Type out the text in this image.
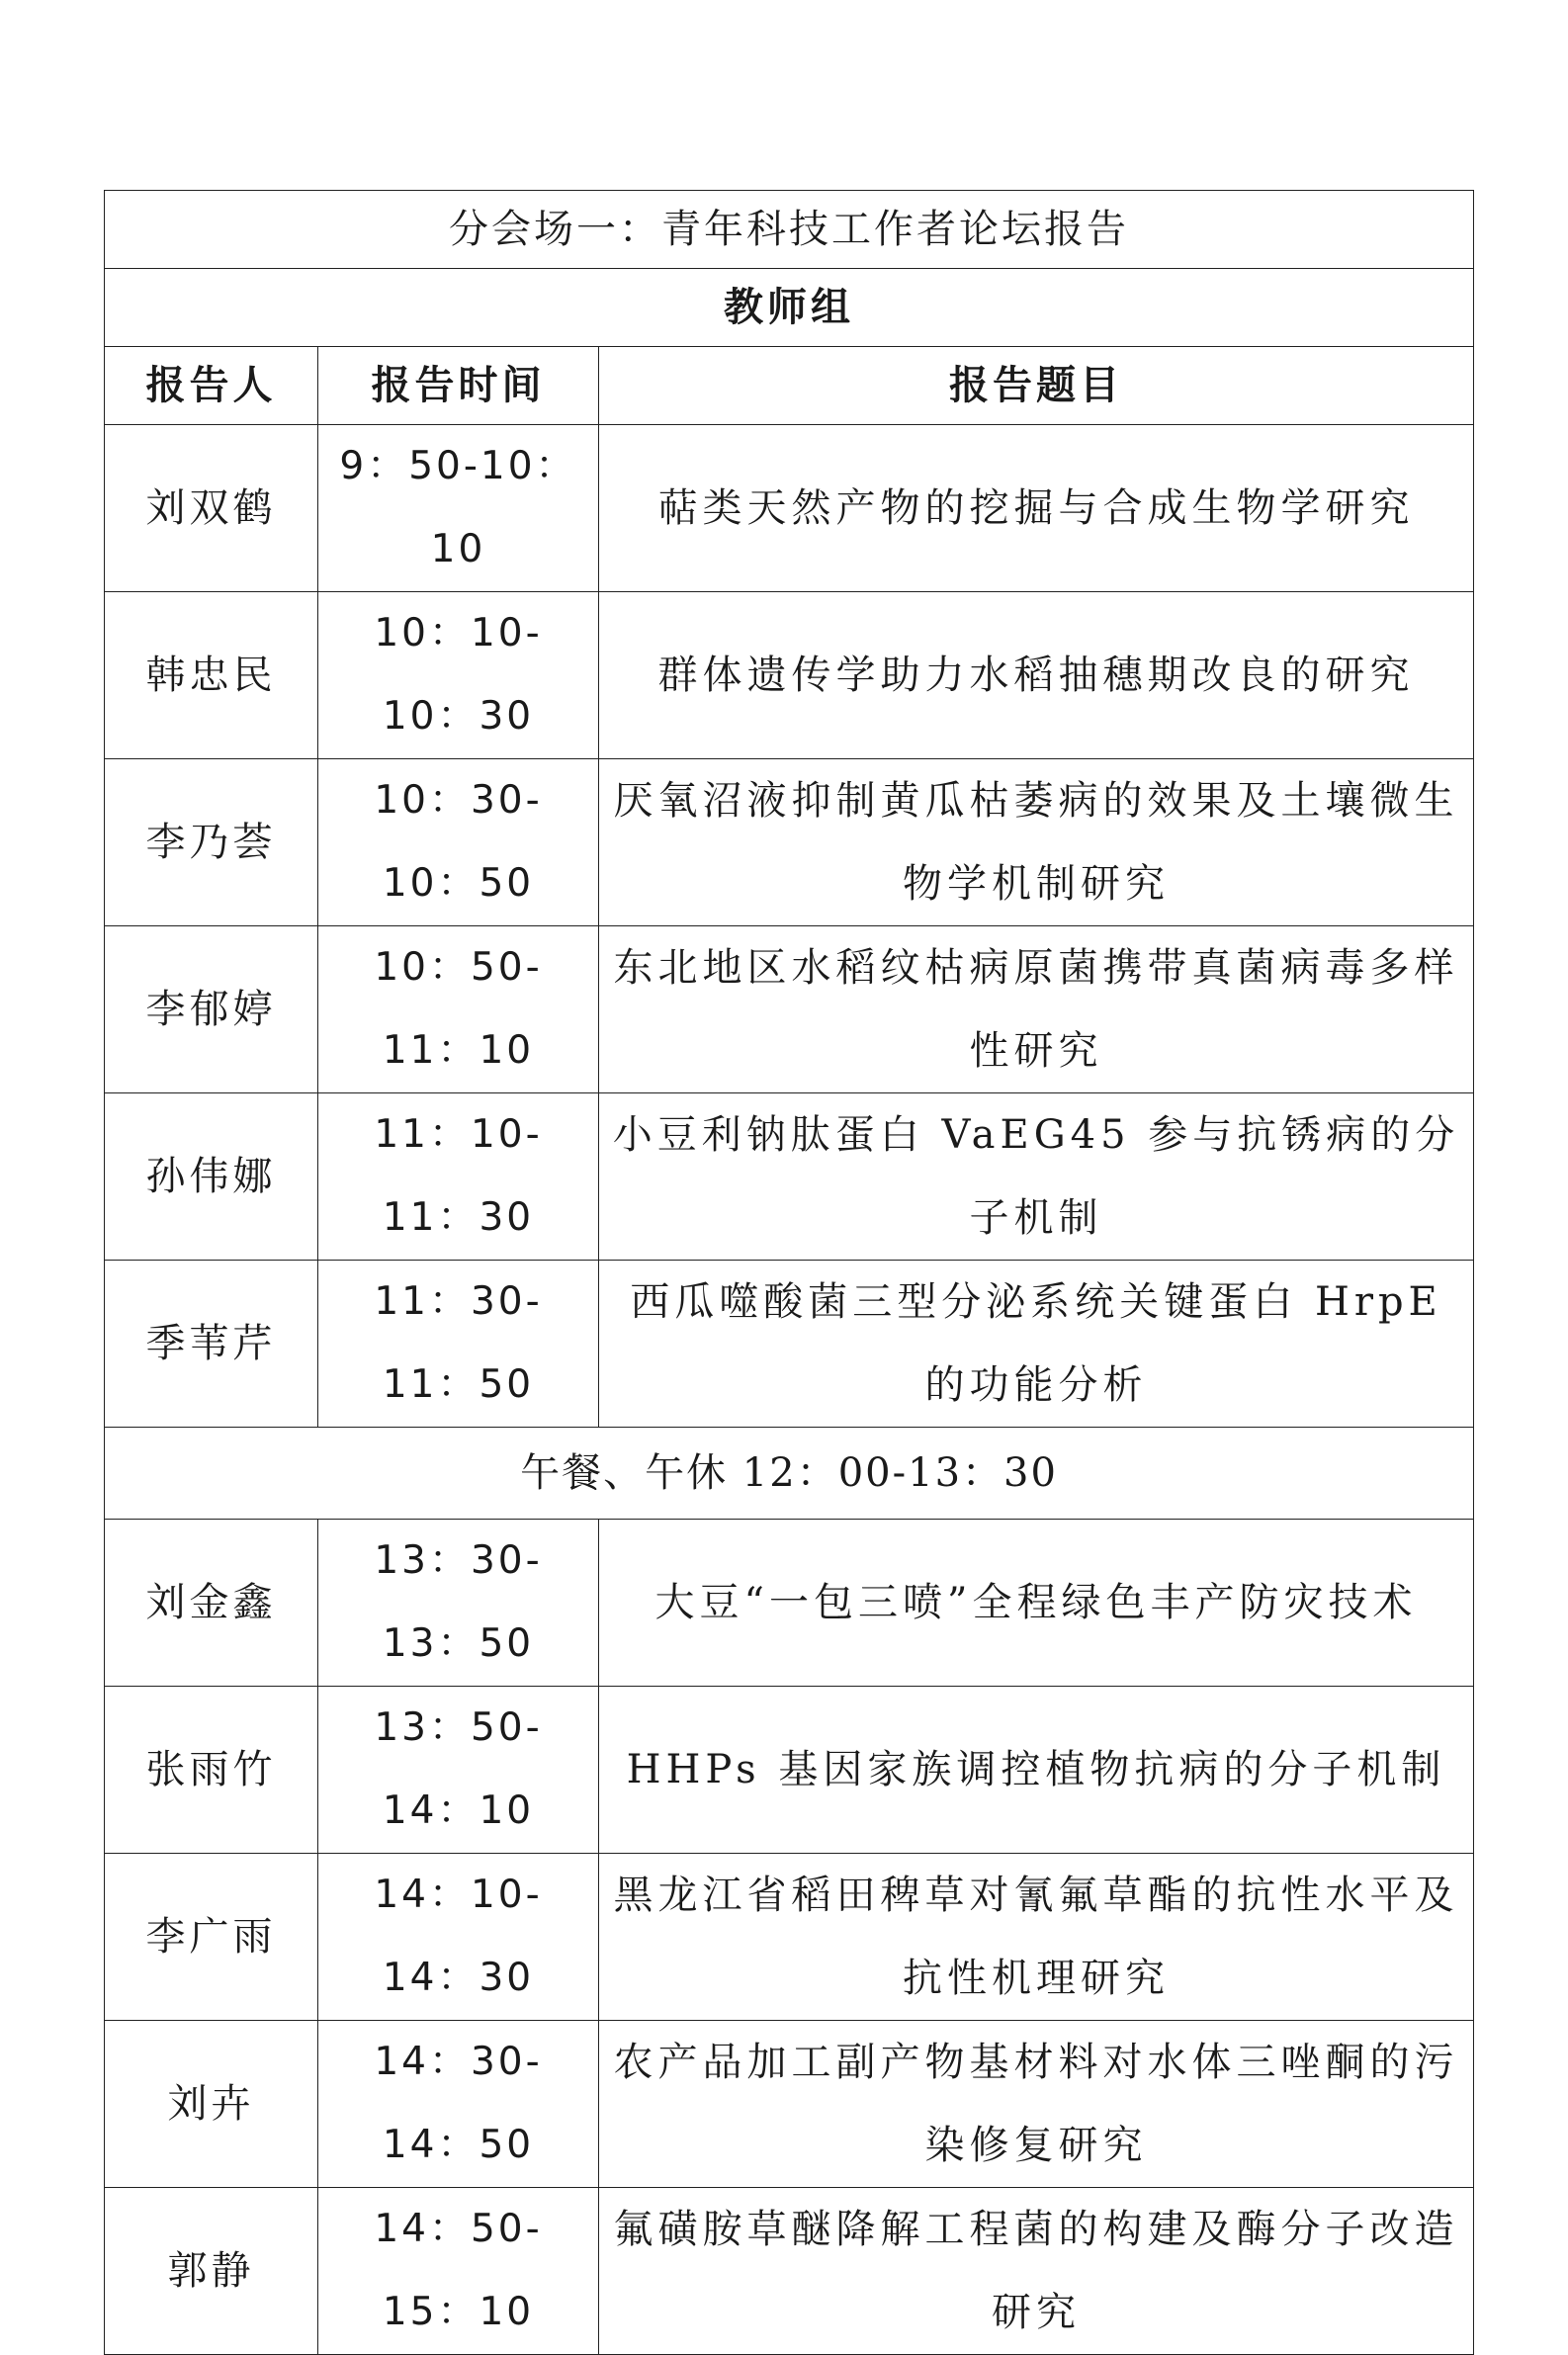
分会场一：青年科技工作者论坛报告		
教师组		
报告人	报告时间	报告题目
刘双鹤	9：50-10：10	萜类天然产物的挖掘与合成生物学研究
韩忠民	10：10-10：30	群体遗传学助力水稻抽穗期改良的研究
李乃荟	10：30-10：50	厌氧沼液抑制黄瓜枯萎病的效果及土壤微生物学机制研究
李郁婷	10：50-11：10	东北地区水稻纹枯病原菌携带真菌病毒多样性研究
孙伟娜	11：10-11：30	小豆利钠肽蛋白 VaEG45 参与抗锈病的分子机制
季苇芹	11：30-11：50	西瓜噬酸菌三型分泌系统关键蛋白 HrpE 的功能分析
午餐、午休 12：00-13：30		
刘金鑫	13：30-13：50	大豆“一包三喷”全程绿色丰产防灾技术
张雨竹	13：50-14：10	HHPs 基因家族调控植物抗病的分子机制
李广雨	14：10-14：30	黑龙江省稻田稗草对氰氟草酯的抗性水平及抗性机理研究
刘卉	14：30-14：50	农产品加工副产物基材料对水体三唑酮的污染修复研究
郭静	14：50-15：10	氟磺胺草醚降解工程菌的构建及酶分子改造研究
